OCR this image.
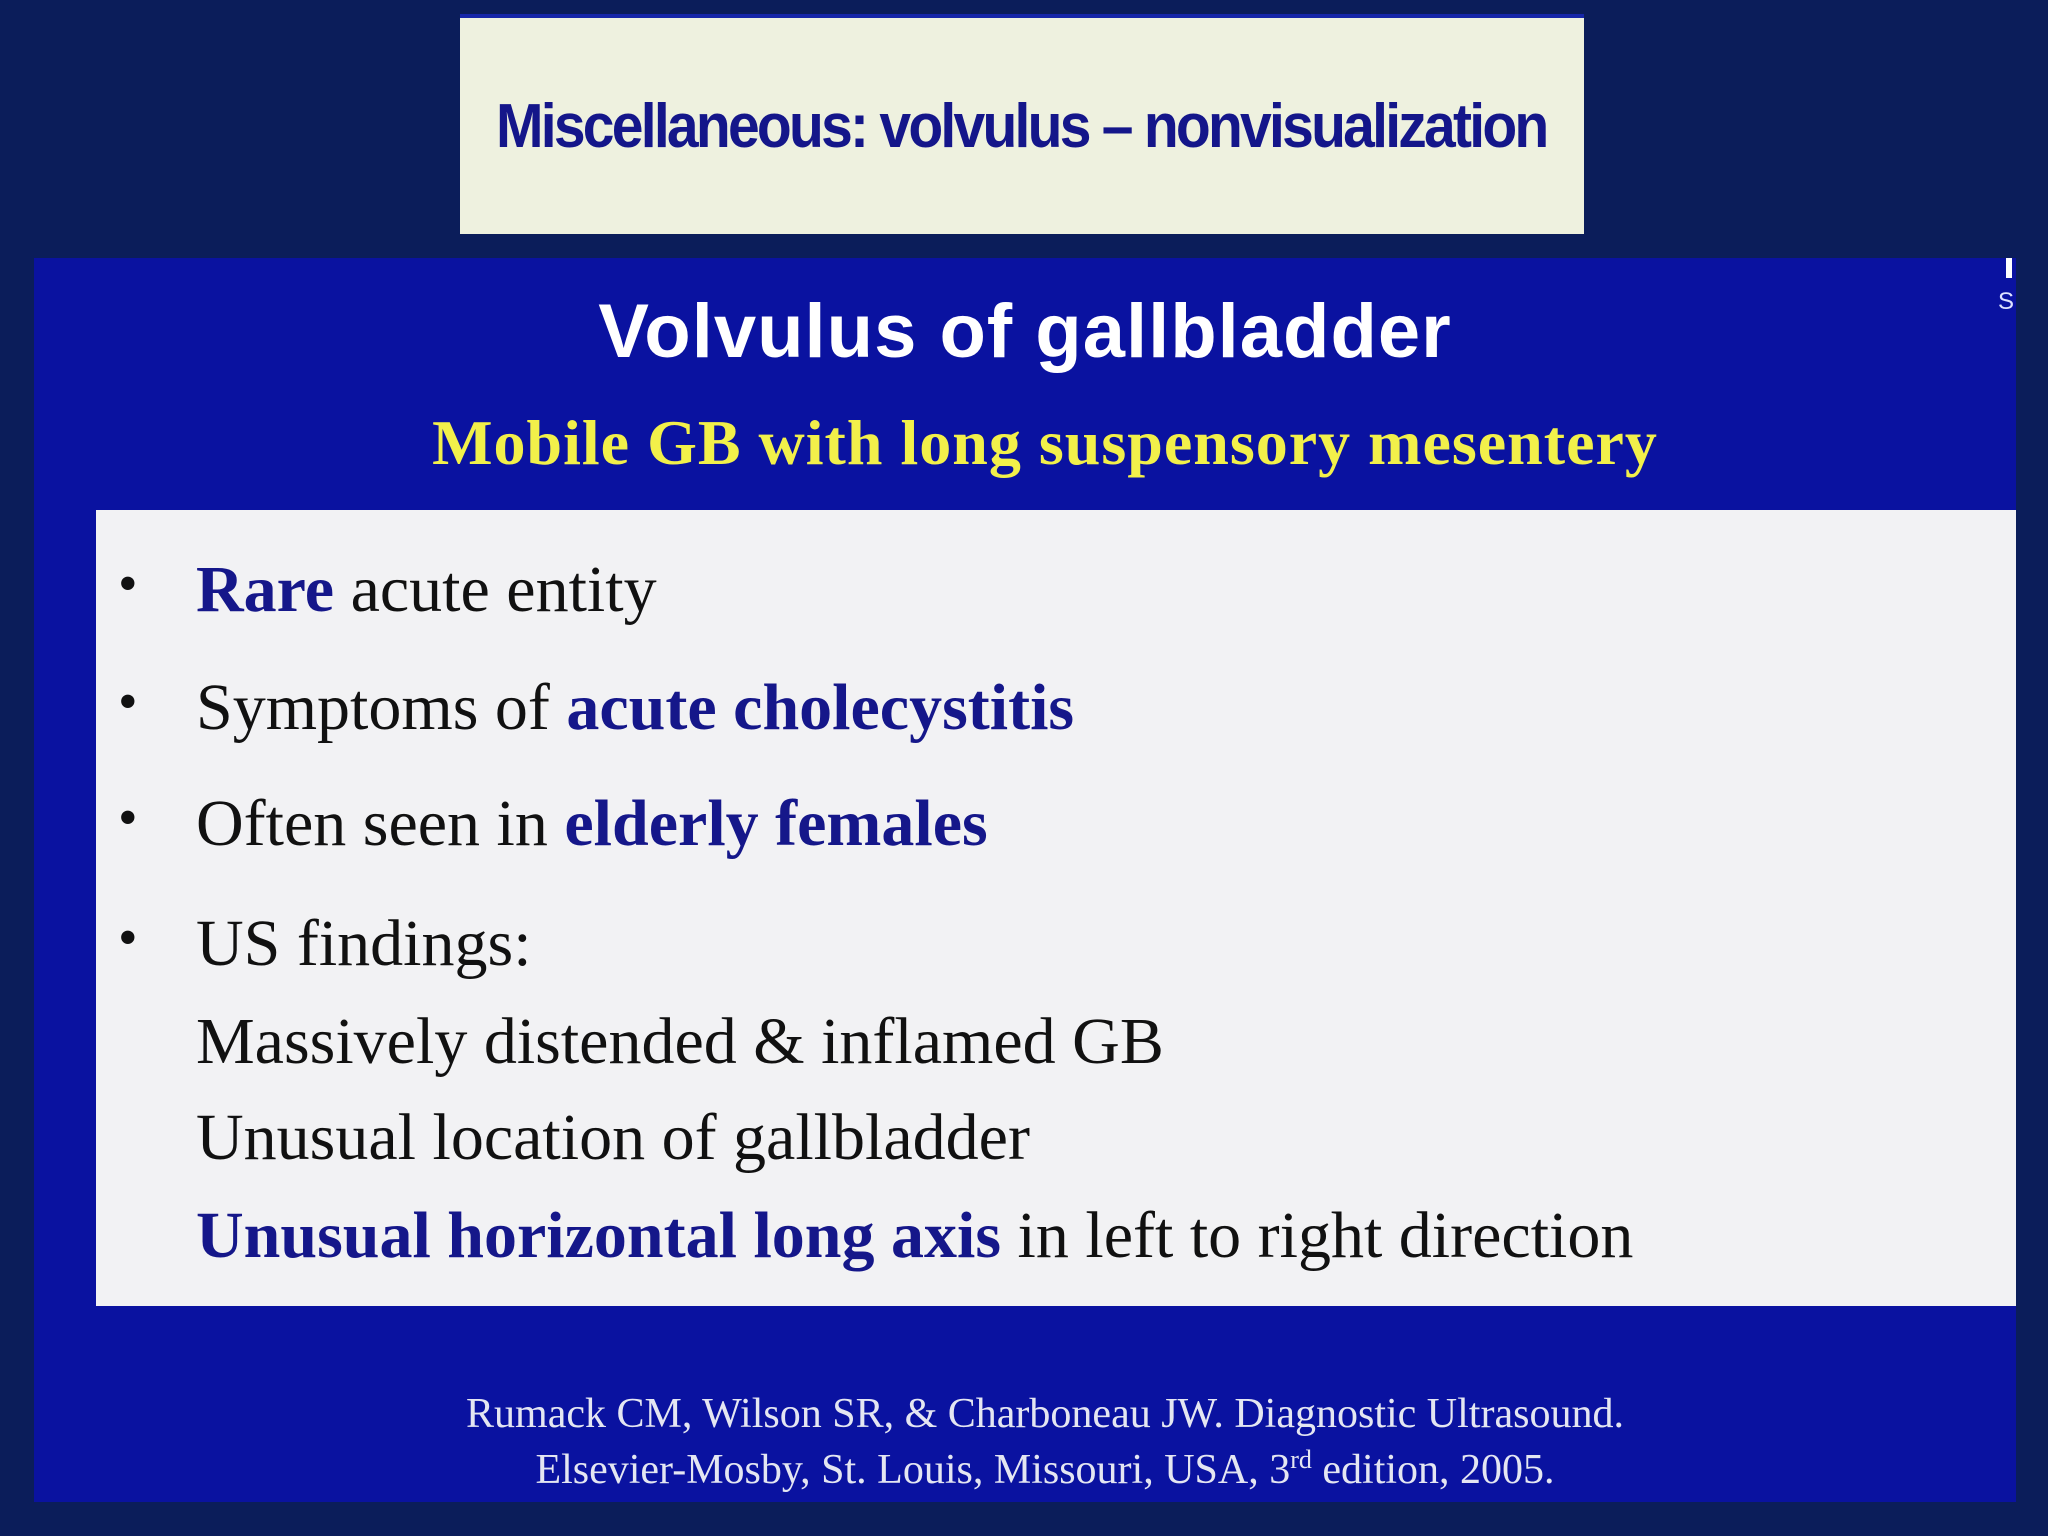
Miscellaneous: volvulus – nonvisualization
S
Volvulus of gallbladder
Mobile GB with long suspensory mesentery
• Rare acute entity
• Symptoms of acute cholecystitis
• Often seen in elderly females
• US findings:
Massively distended & inflamed GB
Unusual location of gallbladder
Unusual horizontal long axis in left to right direction
Rumack CM, Wilson SR, & Charboneau JW. Diagnostic Ultrasound.
Elsevier-Mosby, St. Louis, Missouri, USA, 3rd edition, 2005.
